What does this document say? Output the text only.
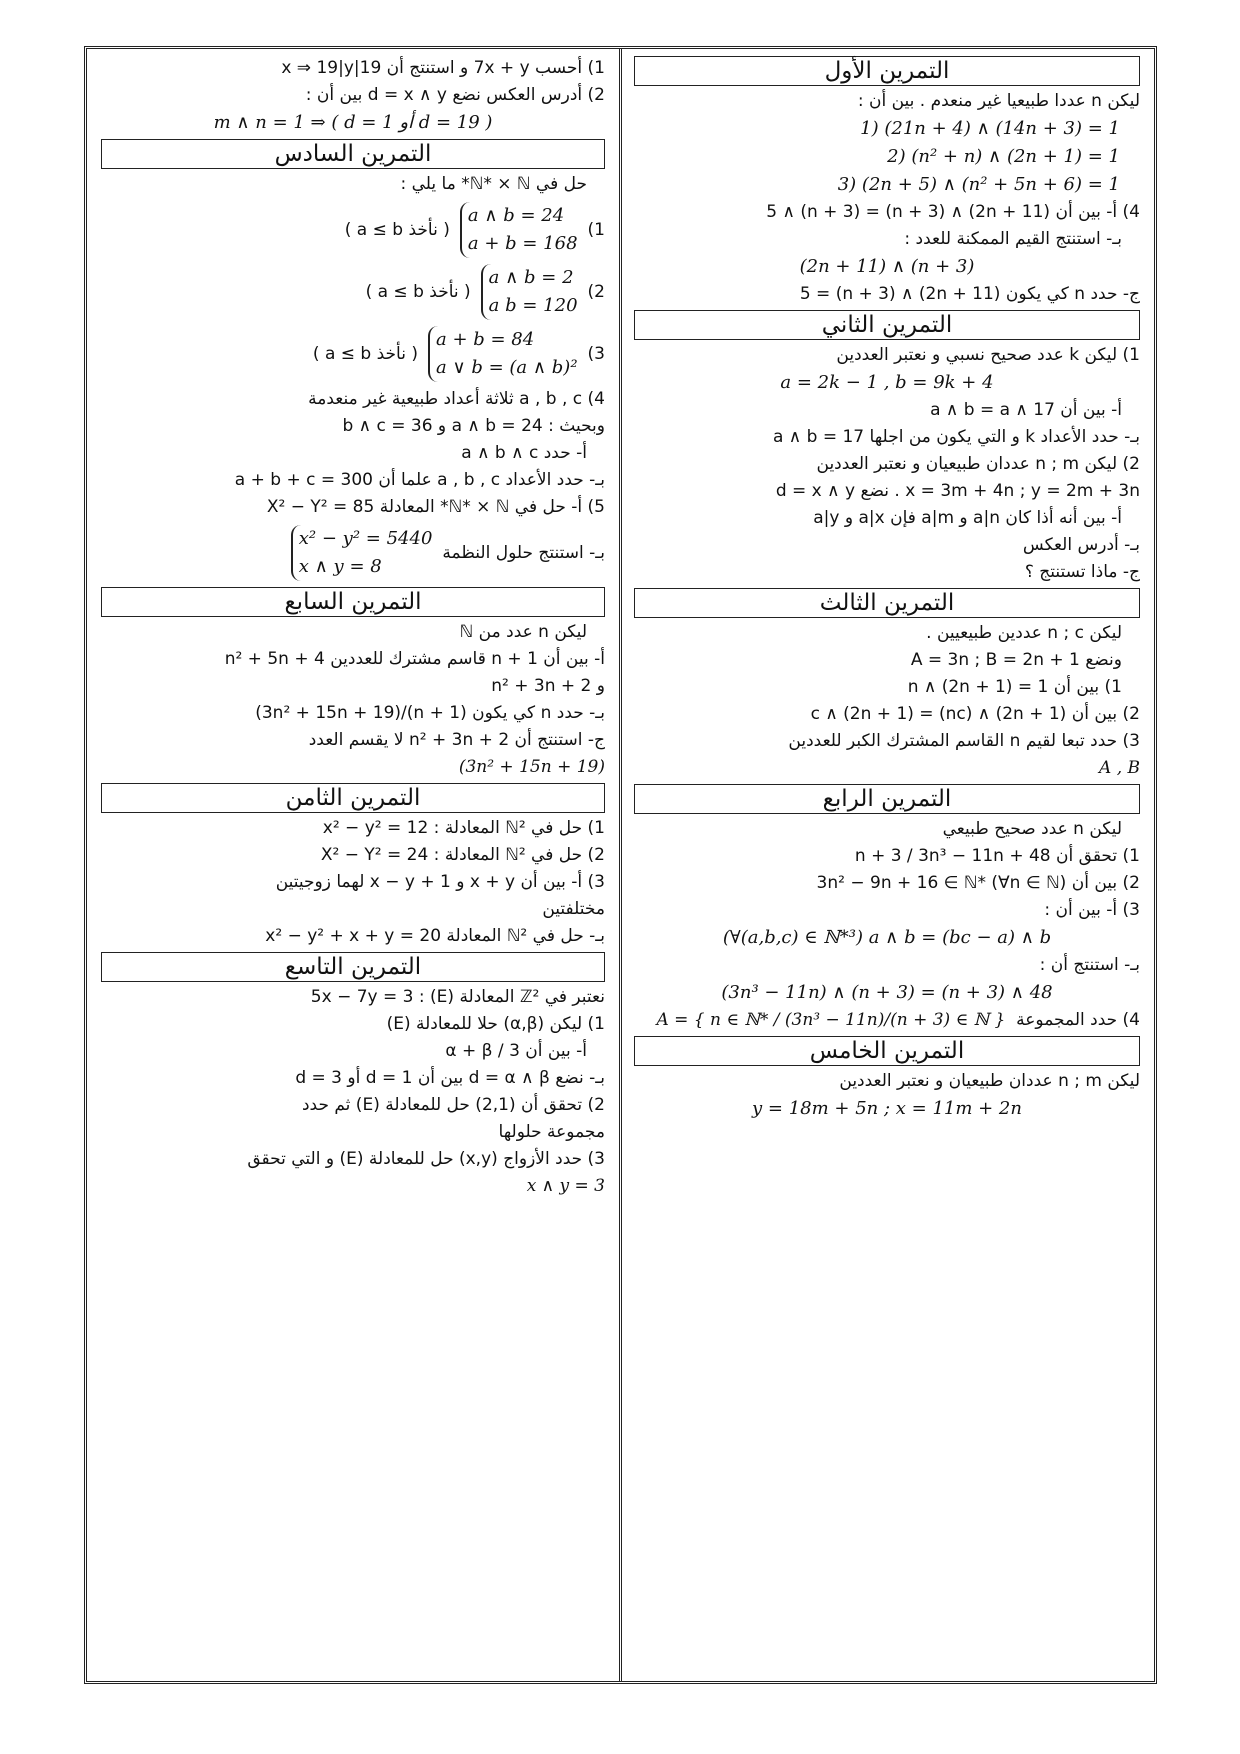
التمرين الأول
ليكن n عددا طبيعيا غير منعدم . بين أن :
1) (21n + 4) ∧ (14n + 3) = 1
2) (n² + n) ∧ (2n + 1) = 1
3) (2n + 5) ∧ (n² + 5n + 6) = 1
4) أ- بين أن (2n + 11) ∧ (n + 3) = (n + 3) ∧ 5
بـ- استنتج القيم الممكنة للعدد :
(2n + 11) ∧ (n + 3)
ج- حدد n كي يكون (2n + 11) ∧ (n + 3) = 5
التمرين الثاني
1) ليكن k عدد صحيح نسبي و نعتبر العددين
a = 2k − 1 , b = 9k + 4
أ- بين أن a ∧ b = a ∧ 17
بـ- حدد الأعداد k و التي يكون من اجلها a ∧ b = 17
2) ليكن n ; m عددان طبيعيان و نعتبر العددين
x = 3m + 4n ; y = 2m + 3n . نضع d = x ∧ y
أ- بين أنه أذا كان a|n و a|m فإن a|x و a|y
بـ- أدرس العكس
ج- ماذا تستنتج ؟
التمرين الثالث
ليكن n ; c عددين طبيعيين .
ونضع A = 3n ; B = 2n + 1
1) بين أن n ∧ (2n + 1) = 1
2) بين أن c ∧ (2n + 1) = (nc) ∧ (2n + 1)
3) حدد تبعا لقيم n القاسم المشترك الكبر للعددين
A , B
التمرين الرابع
ليكن n عدد صحيح طبيعي
1) تحقق أن n + 3 / 3n³ − 11n + 48
2) بين أن 3n² − 9n + 16 ∈ ℕ* (∀n ∈ ℕ)
3) أ- بين أن :
(∀(a,b,c) ∈ ℕ*³) a ∧ b = (bc − a) ∧ b
بـ- استنتج أن :
(3n³ − 11n) ∧ (n + 3) = (n + 3) ∧ 48
4) حدد المجموعة  A = { n ∈ ℕ* / (3n³ − 11n)/(n + 3) ∈ ℕ }
التمرين الخامس
ليكن n ; m عددان طبيعيان و نعتبر العددين
y = 18m + 5n ; x = 11m + 2n
1) أحسب 7x + y و استنتج أن 19|x ⇒ 19|y
2) أدرس العكس نضع d = x ∧ y بين أن :
m ∧ n = 1 ⇒ ( d = 1 أو d = 19 )
التمرين السادس
حل في ℕ* × ℕ* ما يلي :
1)
a ∧ b = 24
a + b = 168
( نأخذ a ≤ b )
2)
a ∧ b = 2
a b = 120
( نأخذ a ≤ b )
3)
a + b = 84
a ∨ b = (a ∧ b)²
( نأخذ a ≤ b )
4) a , b , c ثلاثة أعداد طبيعية غير منعدمة
وبحيث : a ∧ b = 24 و b ∧ c = 36
أ- حدد a ∧ b ∧ c
بـ- حدد الأعداد a , b , c علما أن a + b + c = 300
5) أ- حل في ℕ* × ℕ* المعادلة X² − Y² = 85
بـ- استنتج حلول النظمة
x² − y² = 5440
x ∧ y = 8
التمرين السابع
ليكن n عدد من ℕ
أ- بين أن n + 1 قاسم مشترك للعددين n² + 5n + 4
و n² + 3n + 2
بـ- حدد n كي يكون (n + 1)/(3n² + 15n + 19)
ج- استنتج أن n² + 3n + 2 لا يقسم العدد
(3n² + 15n + 19)
التمرين الثامن
1) حل في ℕ² المعادلة : x² − y² = 12
2) حل في ℕ² المعادلة : X² − Y² = 24
3) أ- بين أن x + y و x − y + 1 لهما زوجيتين
مختلفتين
بـ- حل في ℕ² المعادلة x² − y² + x + y = 20
التمرين التاسع
نعتبر في ℤ² المعادلة (E) : 5x − 7y = 3
1) ليكن (α,β) حلا للمعادلة (E)
أ- بين أن 3 / α + β
بـ- نضع d = α ∧ β بين أن d = 1 أو d = 3
2) تحقق أن (2,1) حل للمعادلة (E) ثم حدد
مجموعة حلولها
3) حدد الأزواج (x,y) حل للمعادلة (E) و التي تحقق
x ∧ y = 3
